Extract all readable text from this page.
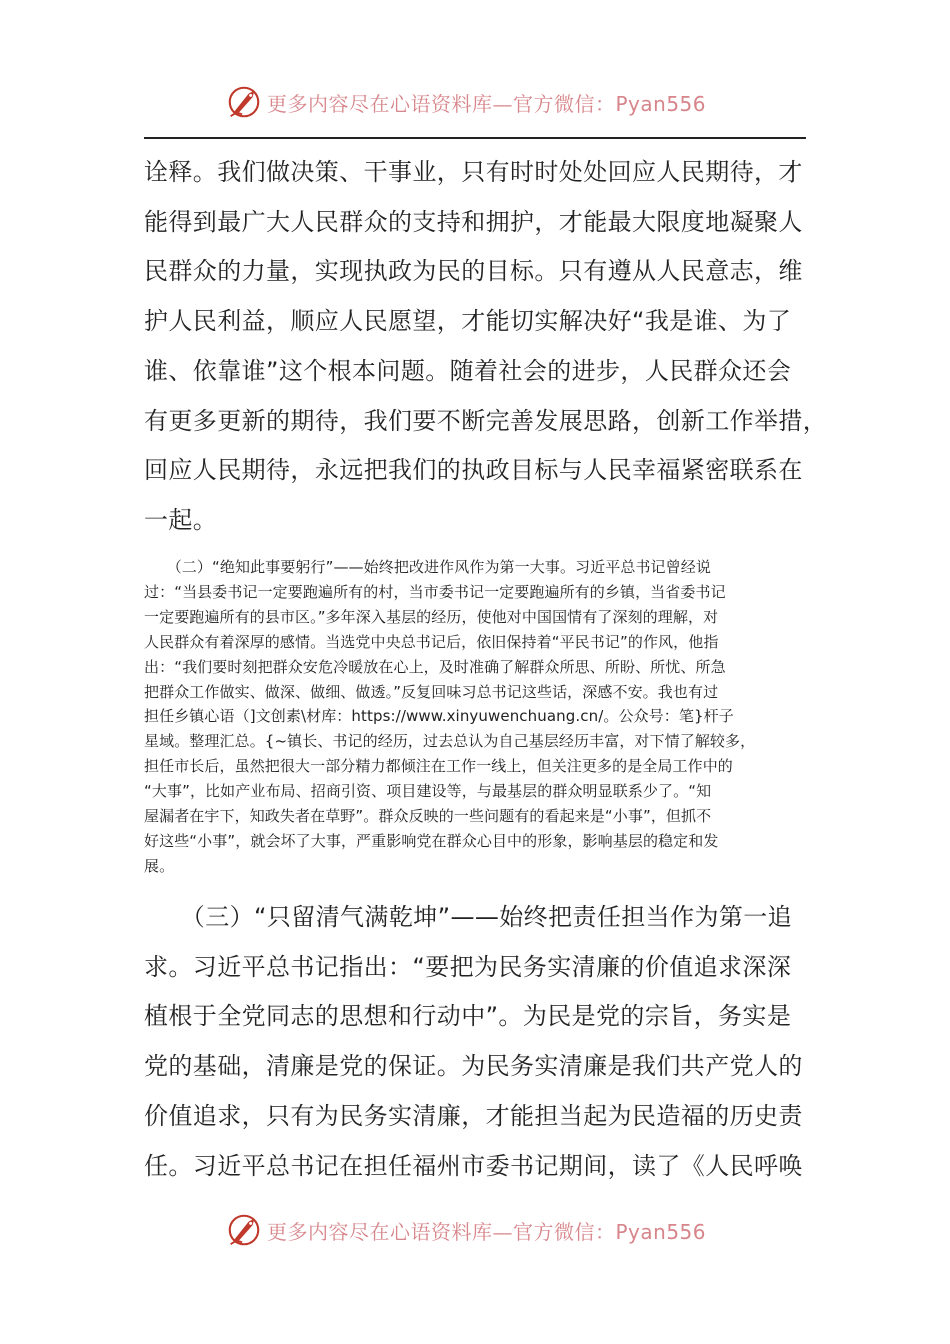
更多内容尽在心语资料库—官方微信：Pyan556

诠释。我们做决策、干事业，只有时时处处回应人民期待，才

能得到最广大人民群众的支持和拥护，才能最大限度地凝聚人

民群众的力量，实现执政为民的目标。只有遵从人民意志，维

护人民利益，顺应人民愿望，才能切实解决好“我是谁、为了

谁、依靠谁”这个根本问题。随着社会的进步，人民群众还会

有更多更新的期待，我们要不断完善发展思路，创新工作举措，

回应人民期待，永远把我们的执政目标与人民幸福紧密联系在

一起。

　　（二）“绝知此事要躬行”——始终把改进作风作为第一大事。习近平总书记曾经说

过：“当县委书记一定要跑遍所有的村，当市委书记一定要跑遍所有的乡镇，当省委书记

一定要跑遍所有的县市区。”多年深入基层的经历，使他对中国国情有了深刻的理解，对

人民群众有着深厚的感情。当选党中央总书记后，依旧保持着“平民书记”的作风，他指

出：“我们要时刻把群众安危冷暖放在心上，及时准确了解群众所思、所盼、所忧、所急

把群众工作做实、做深、做细、做透。”反复回味习总书记这些话，深感不安。我也有过

担任乡镇心语（]文创素\材库：https://www.xinyuwenchuang.cn/。公众号：笔}杆子

星域。整理汇总。{~镇长、书记的经历，过去总认为自己基层经历丰富，对下情了解较多，

担任市长后，虽然把很大一部分精力都倾注在工作一线上，但关注更多的是全局工作中的

“大事”，比如产业布局、招商引资、项目建设等，与最基层的群众明显联系少了。“知

屋漏者在宇下，知政失者在草野”。群众反映的一些问题有的看起来是“小事”，但抓不

好这些“小事”，就会坏了大事，严重影响党在群众心目中的形象，影响基层的稳定和发

展。

　　（三）“只留清气满乾坤”——始终把责任担当作为第一追

求。习近平总书记指出：“要把为民务实清廉的价值追求深深

植根于全党同志的思想和行动中”。为民是党的宗旨，务实是

党的基础，清廉是党的保证。为民务实清廉是我们共产党人的

价值追求，只有为民务实清廉，才能担当起为民造福的历史责

任。习近平总书记在担任福州市委书记期间，读了《人民呼唤

更多内容尽在心语资料库—官方微信：Pyan556
